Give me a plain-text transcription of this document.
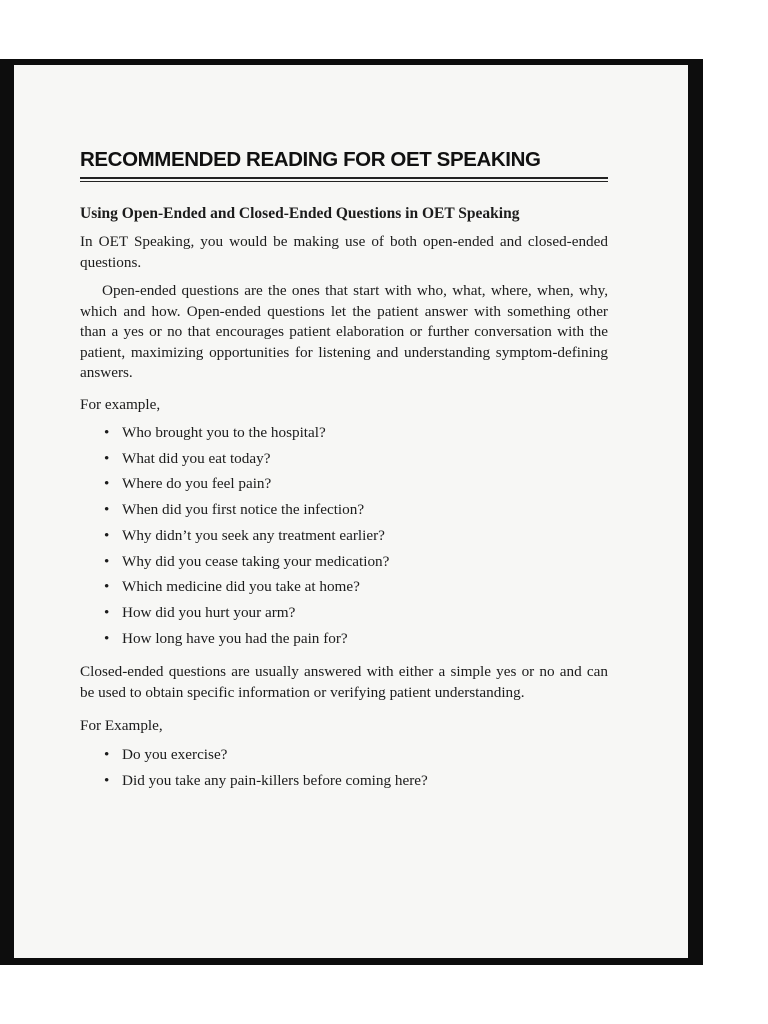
RECOMMENDED READING FOR OET SPEAKING
Using Open-Ended and Closed-Ended Questions in OET Speaking

In OET Speaking, you would be making use of both open-ended and closed-ended questions.

Open-ended questions are the ones that start with who, what, where, when, why, which and how. Open-ended questions let the patient answer with something other than a yes or no that encourages patient elaboration or further conversation with the patient, maximizing opportunities for listening and understanding symptom-defining answers.

For example,

• Who brought you to the hospital?
• What did you eat today?
• Where do you feel pain?
• When did you first notice the infection?
• Why didn’t you seek any treatment earlier?
• Why did you cease taking your medication?
• Which medicine did you take at home?
• How did you hurt your arm?
• How long have you had the pain for?

Closed-ended questions are usually answered with either a simple yes or no and can be used to obtain specific information or verifying patient understanding.

For Example,

• Do you exercise?
• Did you take any pain-killers before coming here?
